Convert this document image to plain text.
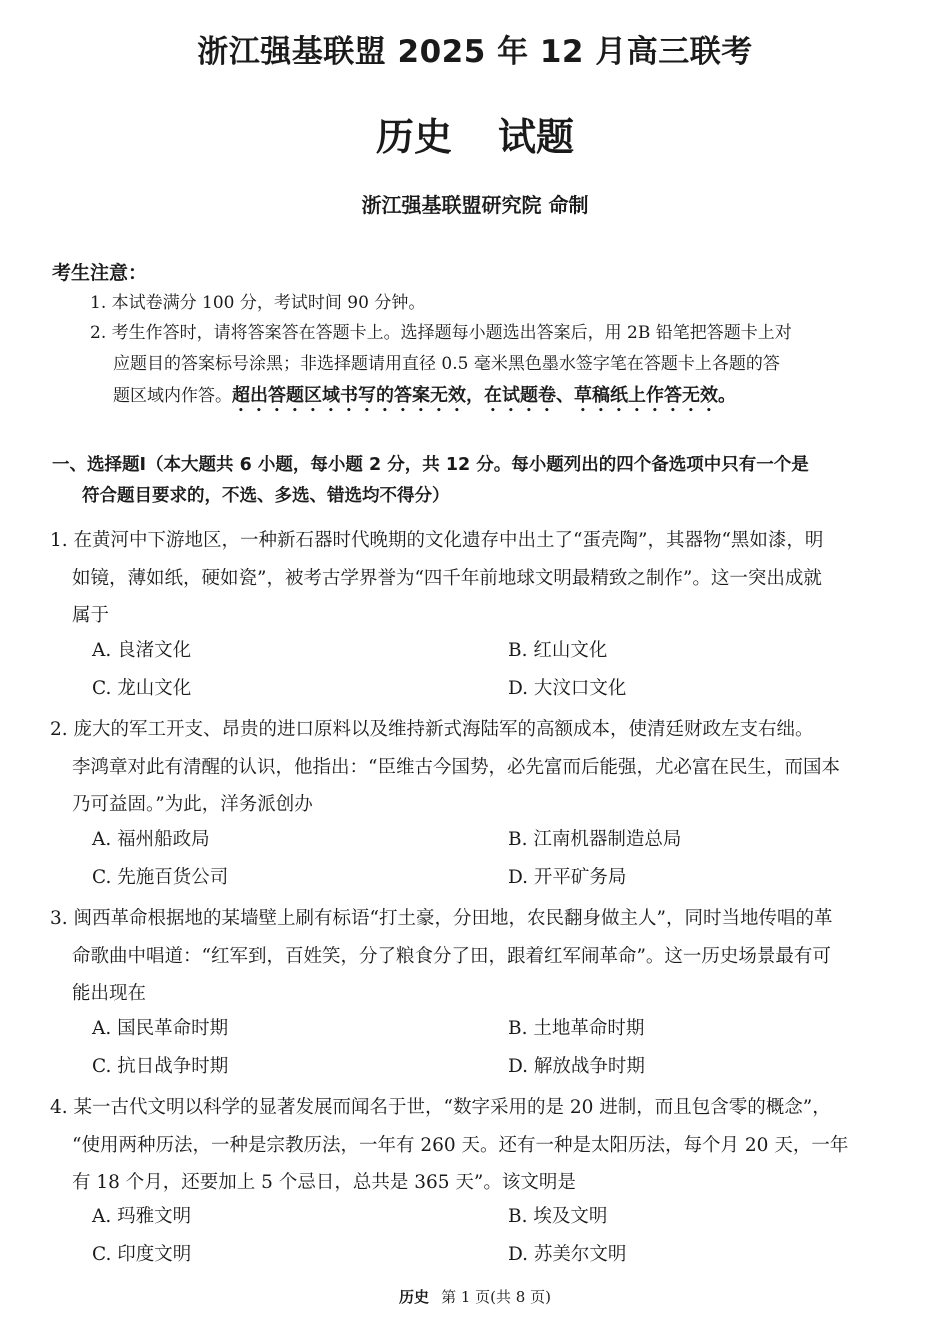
浙江强基联盟 2025 年 12 月高三联考
历史 试题
浙江强基联盟研究院 命制
考生注意：
1. 本试卷满分 100 分，考试时间 90 分钟。
2. 考生作答时，请将答案答在答题卡上。选择题每小题选出答案后，用 2B 铅笔把答题卡上对
应题目的答案标号涂黑；非选择题请用直径 0.5 毫米黑色墨水签字笔在答题卡上各题的答
题区域内作答。超出答题区域书写的答案无效，在试题卷、草稿纸上作答无效。
一、选择题Ⅰ（本大题共 6 小题，每小题 2 分，共 12 分。每小题列出的四个备选项中只有一个是
符合题目要求的，不选、多选、错选均不得分）
1. 在黄河中下游地区，一种新石器时代晚期的文化遗存中出土了“蛋壳陶”，其器物“黑如漆，明
如镜，薄如纸，硬如瓷”，被考古学界誉为“四千年前地球文明最精致之制作”。这一突出成就
属于
A. 良渚文化	B. 红山文化
C. 龙山文化	D. 大汶口文化
2. 庞大的军工开支、昂贵的进口原料以及维持新式海陆军的高额成本，使清廷财政左支右绌。
李鸿章对此有清醒的认识，他指出：“臣维古今国势，必先富而后能强，尤必富在民生，而国本
乃可益固。”为此，洋务派创办
A. 福州船政局	B. 江南机器制造总局
C. 先施百货公司	D. 开平矿务局
3. 闽西革命根据地的某墙壁上刷有标语“打土豪，分田地，农民翻身做主人”，同时当地传唱的革
命歌曲中唱道：“红军到，百姓笑，分了粮食分了田，跟着红军闹革命”。这一历史场景最有可
能出现在
A. 国民革命时期	B. 土地革命时期
C. 抗日战争时期	D. 解放战争时期
4. 某一古代文明以科学的显著发展而闻名于世，“数字采用的是 20 进制，而且包含零的概念”，
“使用两种历法，一种是宗教历法，一年有 260 天。还有一种是太阳历法，每个月 20 天，一年
有 18 个月，还要加上 5 个忌日，总共是 365 天”。该文明是
A. 玛雅文明	B. 埃及文明
C. 印度文明	D. 苏美尔文明
历史 第 1 页(共 8 页)
